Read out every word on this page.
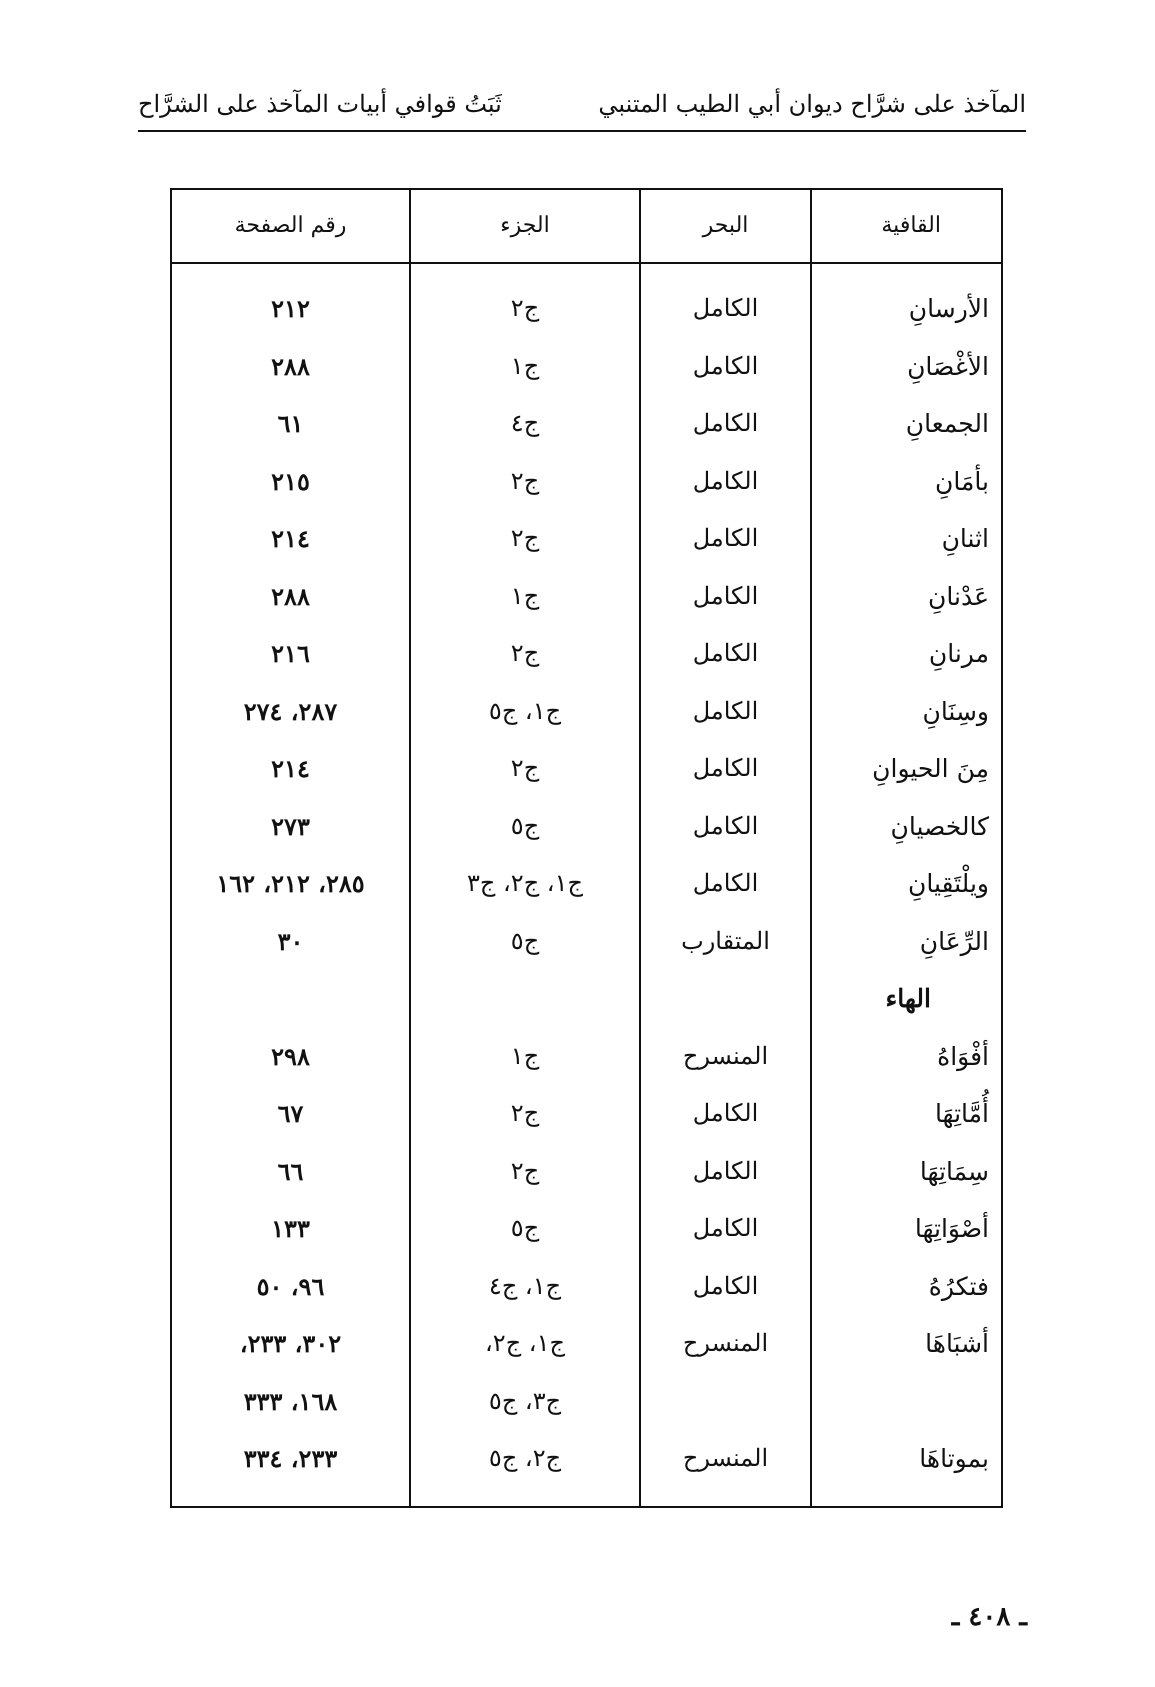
المآخذ على شرَّاح ديوان أبي الطيب المتنبي
ثَبَتُ قوافي أبيات المآخذ على الشرَّاح
القافية
البحر
الجزء
رقم الصفحة
الأرسانِ
الكامل
ج٢
٢١٢
الأغْصَانِ
الكامل
ج١
٢٨٨
الجمعانِ
الكامل
ج٤
٦١
بأمَانِ
الكامل
ج٢
٢١٥
اثنانِ
الكامل
ج٢
٢١٤
عَدْنانِ
الكامل
ج١
٢٨٨
مرنانِ
الكامل
ج٢
٢١٦
وسِنَانِ
الكامل
ج١، ج٥
٢٨٧، ٢٧٤
مِنَ الحيوانِ
الكامل
ج٢
٢١٤
كالخصيانِ
الكامل
ج٥
٢٧٣
ويلْتَقِيانِ
الكامل
ج١، ج٢، ج٣
٢٨٥، ٢١٢، ١٦٢
الرِّعَانِ
المتقارب
ج٥
٣٠
الهاء
أفْوَاهُ
المنسرح
ج١
٢٩٨
أُمَّاتِهَا
الكامل
ج٢
٦٧
سِمَاتِهَا
الكامل
ج٢
٦٦
أصْوَاتِهَا
الكامل
ج٥
١٣٣
فتكرُهُ
الكامل
ج١، ج٤
٩٦، ٥٠
أشبَاهَا
المنسرح
ج١، ج٢،
٣٠٢، ٢٣٣،
ج٣، ج٥
١٦٨، ٣٣٣
بموتاهَا
المنسرح
ج٢، ج٥
٢٣٣، ٣٣٤
ـ ٤٠٨ ـ
